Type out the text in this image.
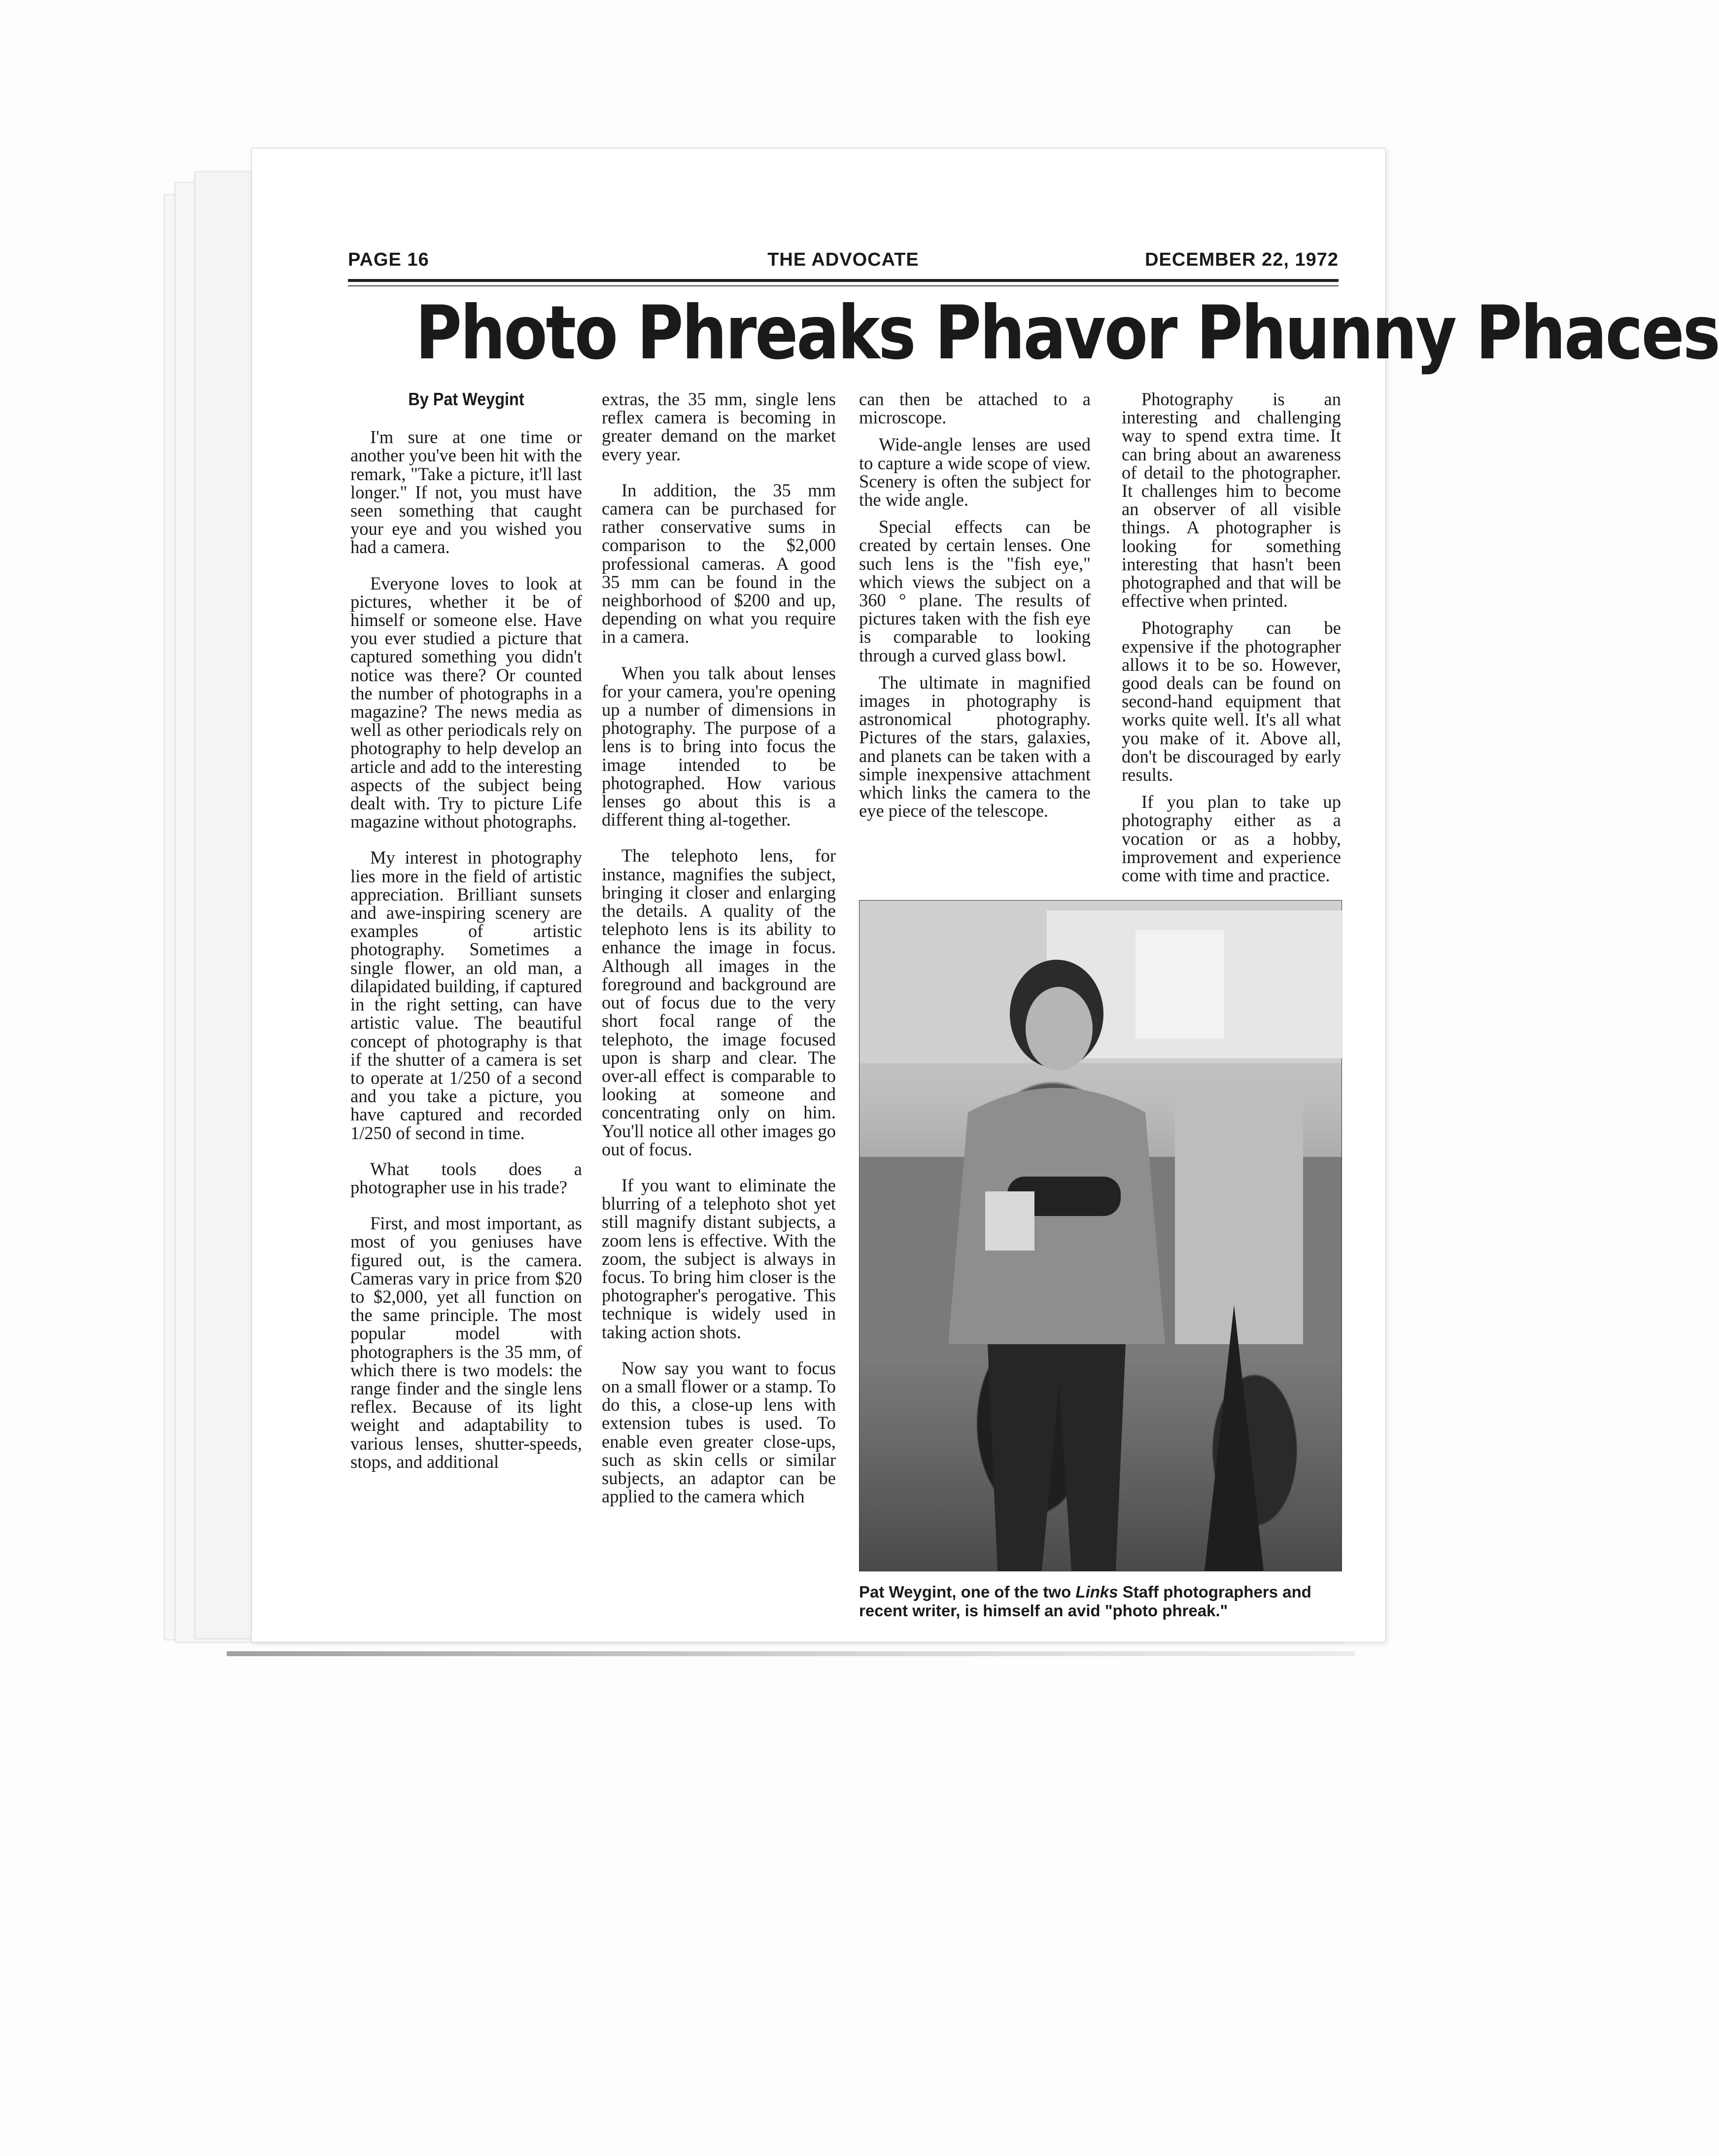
PAGE 16	THE ADVOCATE	DECEMBER 22, 1972
Photo Phreaks Phavor Phunny Phaces
By Pat Weygint

I'm sure at one time or another you've been hit with the remark, "Take a picture, it'll last longer." If not, you must have seen something that caught your eye and you wished you had a camera.

Everyone loves to look at pictures, whether it be of himself or someone else. Have you ever studied a picture that captured something you didn't notice was there? Or counted the number of photographs in a magazine? The news media as well as other periodicals rely on photography to help develop an article and add to the interesting aspects of the subject being dealt with. Try to picture Life magazine without photographs.

My interest in photography lies more in the field of artistic appreciation. Brilliant sunsets and awe-inspiring scenery are examples of artistic photography. Sometimes a single flower, an old man, a dilapidated building, if captured in the right setting, can have artistic value. The beautiful concept of photography is that if the shutter of a camera is set to operate at 1/250 of a second and you take a picture, you have captured and recorded 1/250 of second in time.

What tools does a photographer use in his trade?

First, and most important, as most of you geniuses have figured out, is the camera. Cameras vary in price from $20 to $2,000, yet all function on the same principle. The most popular model with photographers is the 35 mm, of which there is two models: the range finder and the single lens reflex. Because of its light weight and adaptability to various lenses, shutter-speeds, stops, and additional

extras, the 35 mm, single lens reflex camera is becoming in greater demand on the market every year.

In addition, the 35 mm camera can be purchased for rather conservative sums in comparison to the $2,000 professional cameras. A good 35 mm can be found in the neighborhood of $200 and up, depending on what you require in a camera.

When you talk about lenses for your camera, you're opening up a number of dimensions in photography. The purpose of a lens is to bring into focus the image intended to be photographed. How various lenses go about this is a different thing al-together.

The telephoto lens, for instance, magnifies the subject, bringing it closer and enlarging the details. A quality of the telephoto lens is its ability to enhance the image in focus. Although all images in the foreground and background are out of focus due to the very short focal range of the telephoto, the image focused upon is sharp and clear. The over-all effect is comparable to looking at someone and concentrating only on him. You'll notice all other images go out of focus.

If you want to eliminate the blurring of a telephoto shot yet still magnify distant subjects, a zoom lens is effective. With the zoom, the subject is always in focus. To bring him closer is the photographer's perogative. This technique is widely used in taking action shots.

Now say you want to focus on a small flower or a stamp. To do this, a close-up lens with extension tubes is used. To enable even greater close-ups, such as skin cells or similar subjects, an adaptor can be applied to the camera which

can then be attached to a microscope.

Wide-angle lenses are used to capture a wide scope of view. Scenery is often the subject for the wide angle.

Special effects can be created by certain lenses. One such lens is the "fish eye," which views the subject on a 360 ° plane. The results of pictures taken with the fish eye is comparable to looking through a curved glass bowl.

The ultimate in magnified images in photography is astronomical photography. Pictures of the stars, galaxies, and planets can be taken with a simple inexpensive attachment which links the camera to the eye piece of the telescope.

Photography is an interesting and challenging way to spend extra time. It can bring about an awareness of detail to the photographer. It challenges him to become an observer of all visible things. A photographer is looking for something interesting that hasn't been photographed and that will be effective when printed.

Photography can be expensive if the photographer allows it to be so. However, good deals can be found on second-hand equipment that works quite well. It's all what you make of it. Above all, don't be discouraged by early results.

If you plan to take up photography either as a vocation or as a hobby, improvement and experience come with time and practice.

Pat Weygint, one of the two Links Staff photographers and recent writer, is himself an avid "photo phreak."
